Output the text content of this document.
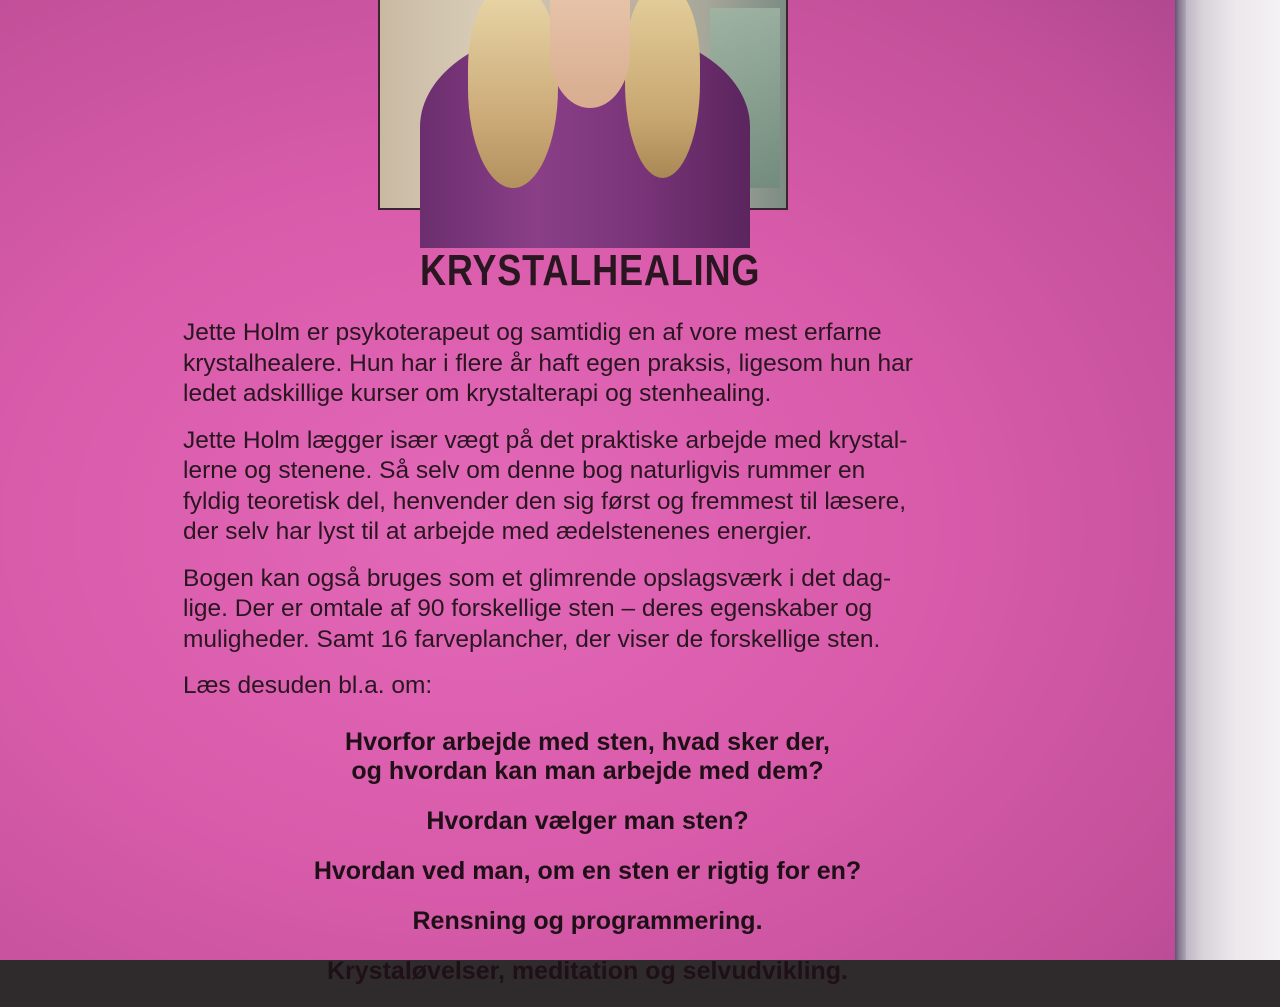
KRYSTALHEALING
Jette Holm er psykoterapeut og samtidig en af vore mest erfarne
krystalhealere. Hun har i flere år haft egen praksis, ligesom hun har
ledet adskillige kurser om krystalterapi og stenhealing.
Jette Holm lægger især vægt på det praktiske arbejde med krystal-
lerne og stenene. Så selv om denne bog naturligvis rummer en
fyldig teoretisk del, henvender den sig først og fremmest til læsere,
der selv har lyst til at arbejde med ædelstenenes energier.
Bogen kan også bruges som et glimrende opslagsværk i det dag-
lige. Der er omtale af 90 forskellige sten – deres egenskaber og
muligheder. Samt 16 farveplancher, der viser de forskellige sten.
Læs desuden bl.a. om:
Hvorfor arbejde med sten, hvad sker der,
og hvordan kan man arbejde med dem?
Hvordan vælger man sten?
Hvordan ved man, om en sten er rigtig for en?
Rensning og programmering.
Krystaløvelser, meditation og selvudvikling.
